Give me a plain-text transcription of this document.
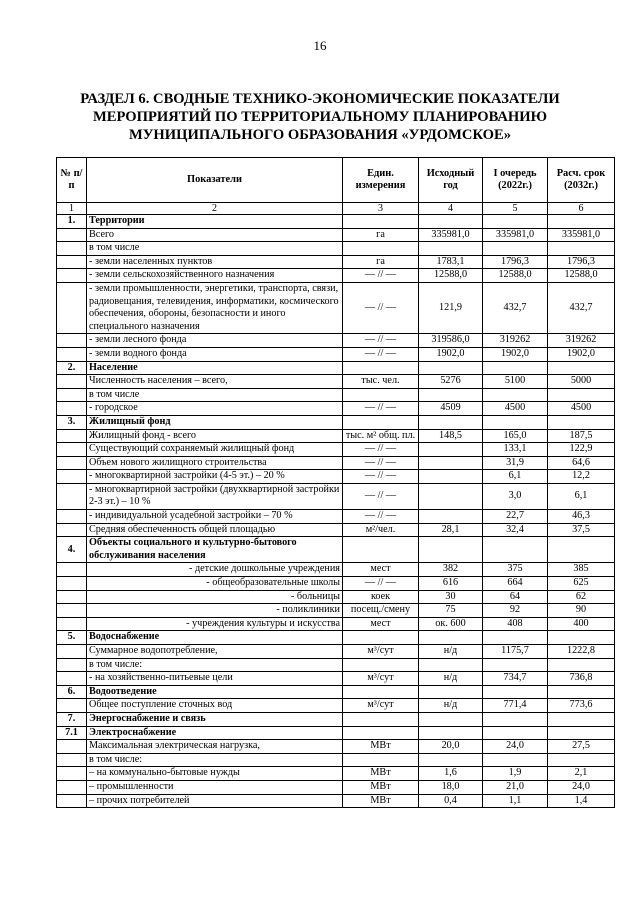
16
РАЗДЕЛ 6. СВОДНЫЕ ТЕХНИКО-ЭКОНОМИЧЕСКИЕ ПОКАЗАТЕЛИ
МЕРОПРИЯТИЙ ПО ТЕРРИТОРИАЛЬНОМУ ПЛАНИРОВАНИЮ
МУНИЦИПАЛЬНОГО ОБРАЗОВАНИЯ «УРДОМСКОЕ»
№ п/п	Показатели	Един. измерения	Исходный год	I очередь (2022г.)	Расч. срок (2032г.)
1	2	3	4	5	6
1.	Территории				
	Всего	га	335981,0	335981,0	335981,0
	в том числе				
	- земли населенных пунктов	га	1783,1	1796,3	1796,3
	- земли сельскохозяйственного назначения	— // —	12588,0	12588,0	12588,0
	- земли промышленности, энергетики, транспорта, связи, радиовещания, телевидения, информатики, космического обеспечения, обороны, безопасности и иного специального назначения	— // —	121,9	432,7	432,7
	- земли лесного фонда	— // —	319586,0	319262	319262
	- земли водного фонда	— // —	1902,0	1902,0	1902,0
2.	Население				
	Численность населения – всего,	тыс. чел.	5276	5100	5000
	в том числе				
	- городское	— // —	4509	4500	4500
3.	Жилищный фонд				
	Жилищный фонд - всего	тыс. м² общ. пл.	148,5	165,0	187,5
	Существующий сохраняемый жилищный фонд	— // —		133,1	122,9
	Объем нового жилищного строительства	— // —		31,9	64,6
	- многоквартирной застройки (4-5 эт.) – 20 %	— // —		6,1	12,2
	- многоквартирной застройки (двухквартирной застройки 2-3 эт.) – 10 %	— // —		3,0	6,1
	- индивидуальной усадебной застройки – 70 %	— // —		22,7	46,3
	Средняя обеспеченность общей площадью	м²/чел.	28,1	32,4	37,5
4.	Объекты социального и культурно-бытового обслуживания населения				
	- детские дошкольные учреждения	мест	382	375	385
	- общеобразовательные школы	— // —	616	664	625
	- больницы	коек	30	64	62
	- поликлиники	посещ./смену	75	92	90
	- учреждения культуры и искусства	мест	ок. 600	408	400
5.	Водоснабжение				
	Суммарное водопотребление,	м³/сут	н/д	1175,7	1222,8
	в том числе:				
	- на хозяйственно-питьевые цели	м³/сут	н/д	734,7	736,8
6.	Водоотведение				
	Общее поступление сточных вод	м³/сут	н/д	771,4	773,6
7.	Энергоснабжение и связь				
7.1	Электроснабжение				
	Максимальная электрическая нагрузка,	МВт	20,0	24,0	27,5
	в том числе:				
	– на коммунально-бытовые нужды	МВт	1,6	1,9	2,1
	– промышленности	МВт	18,0	21,0	24,0
	– прочих потребителей	МВт	0,4	1,1	1,4
